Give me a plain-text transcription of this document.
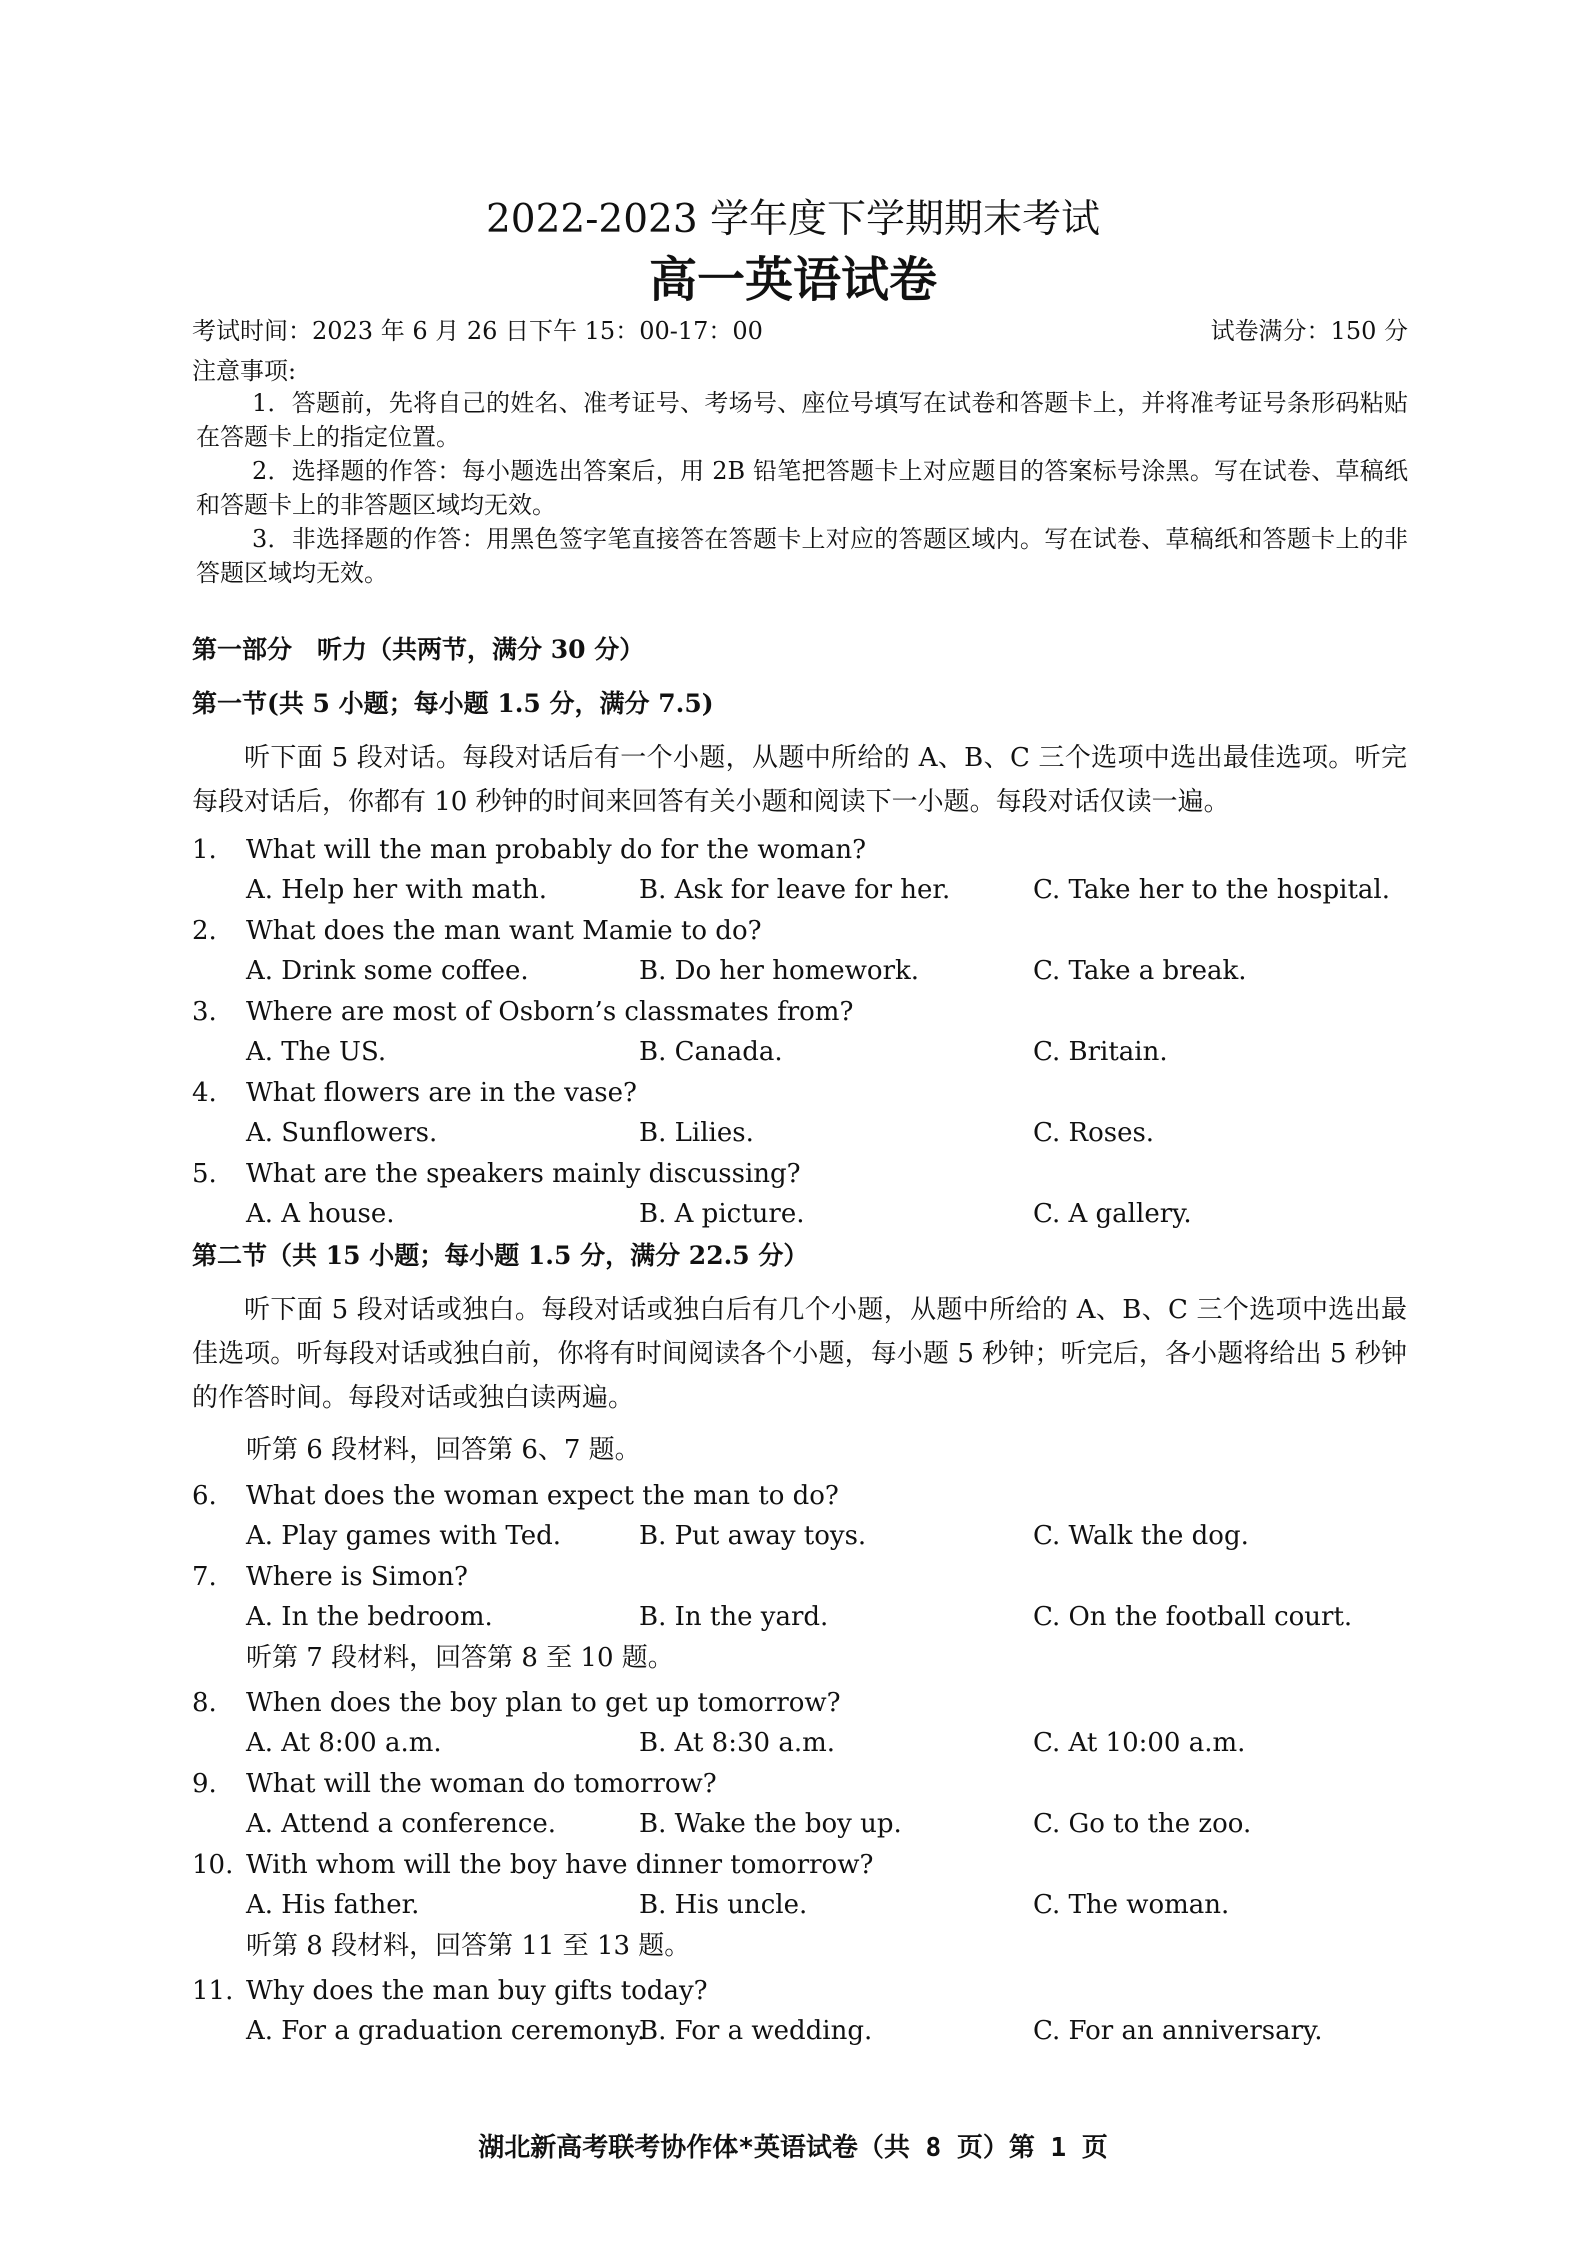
2022-2023 学年度下学期期末考试
高一英语试卷
考试时间：2023 年 6 月 26 日下午 15：00-17：00	试卷满分：150 分
注意事项:
1．答题前，先将自己的姓名、准考证号、考场号、座位号填写在试卷和答题卡上，并将准考证号条形码粘贴在答题卡上的指定位置。
2．选择题的作答：每小题选出答案后，用 2B 铅笔把答题卡上对应题目的答案标号涂黑。写在试卷、草稿纸和答题卡上的非答题区域均无效。
3．非选择题的作答：用黑色签字笔直接答在答题卡上对应的答题区域内。写在试卷、草稿纸和答题卡上的非答题区域均无效。
第一部分　听力（共两节，满分 30 分）
第一节(共 5 小题；每小题 1.5 分，满分 7.5)
听下面 5 段对话。每段对话后有一个小题，从题中所给的 A、B、C 三个选项中选出最佳选项。听完每段对话后，你都有 10 秒钟的时间来回答有关小题和阅读下一小题。每段对话仅读一遍。
1. What will the man probably do for the woman?
A. Help her with math.	B. Ask for leave for her.	C. Take her to the hospital.
2. What does the man want Mamie to do?
A. Drink some coffee.	B. Do her homework.	C. Take a break.
3. Where are most of Osborn’s classmates from?
A. The US.	B. Canada.	C. Britain.
4. What flowers are in the vase?
A. Sunflowers.	B. Lilies.	C. Roses.
5. What are the speakers mainly discussing?
A. A house.	B. A picture.	C. A gallery.
第二节（共 15 小题；每小题 1.5 分，满分 22.5 分）
听下面 5 段对话或独白。每段对话或独白后有几个小题，从题中所给的 A、B、C 三个选项中选出最佳选项。听每段对话或独白前，你将有时间阅读各个小题，每小题 5 秒钟；听完后，各小题将给出 5 秒钟的作答时间。每段对话或独白读两遍。
听第 6 段材料，回答第 6、7 题。
6. What does the woman expect the man to do?
A. Play games with Ted.	B. Put away toys.	C. Walk the dog.
7. Where is Simon?
A. In the bedroom.	B. In the yard.	C. On the football court.
听第 7 段材料，回答第 8 至 10 题。
8. When does the boy plan to get up tomorrow?
A. At 8:00 a.m.	B. At 8:30 a.m.	C. At 10:00 a.m.
9. What will the woman do tomorrow?
A. Attend a conference.	B. Wake the boy up.	C. Go to the zoo.
10. With whom will the boy have dinner tomorrow?
A. His father.	B. His uncle.	C. The woman.
听第 8 段材料，回答第 11 至 13 题。
11. Why does the man buy gifts today?
A. For a graduation ceremony.
B. For a wedding.	C. For an anniversary.
湖北新高考联考协作体*英语试卷（共 8 页）第 1 页
